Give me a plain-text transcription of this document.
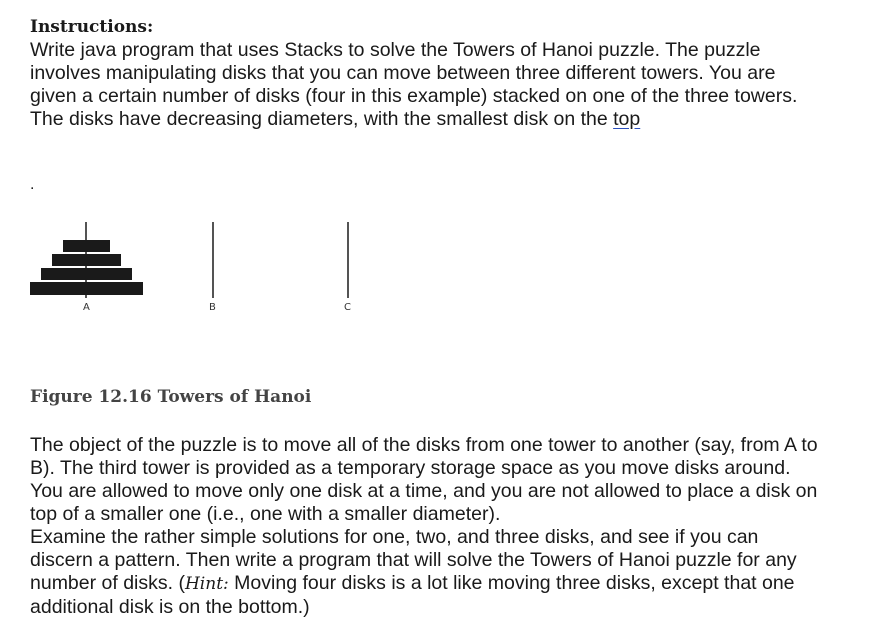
Instructions:

Write java program that uses Stacks to solve the Towers of Hanoi puzzle. The puzzle involves manipulating disks that you can move between three different towers. You are given a certain number of disks (four in this example) stacked on one of the three towers. The disks have decreasing diameters, with the smallest disk on the top

.
A	B	C

Figure 12.16 Towers of Hanoi

The object of the puzzle is to move all of the disks from one tower to another (say, from A to B). The third tower is provided as a temporary storage space as you move disks around. You are allowed to move only one disk at a time, and you are not allowed to place a disk on top of a smaller one (i.e., one with a smaller diameter).

Examine the rather simple solutions for one, two, and three disks, and see if you can discern a pattern. Then write a program that will solve the Towers of Hanoi puzzle for any number of disks. (Hint: Moving four disks is a lot like moving three disks, except that one additional disk is on the bottom.)
